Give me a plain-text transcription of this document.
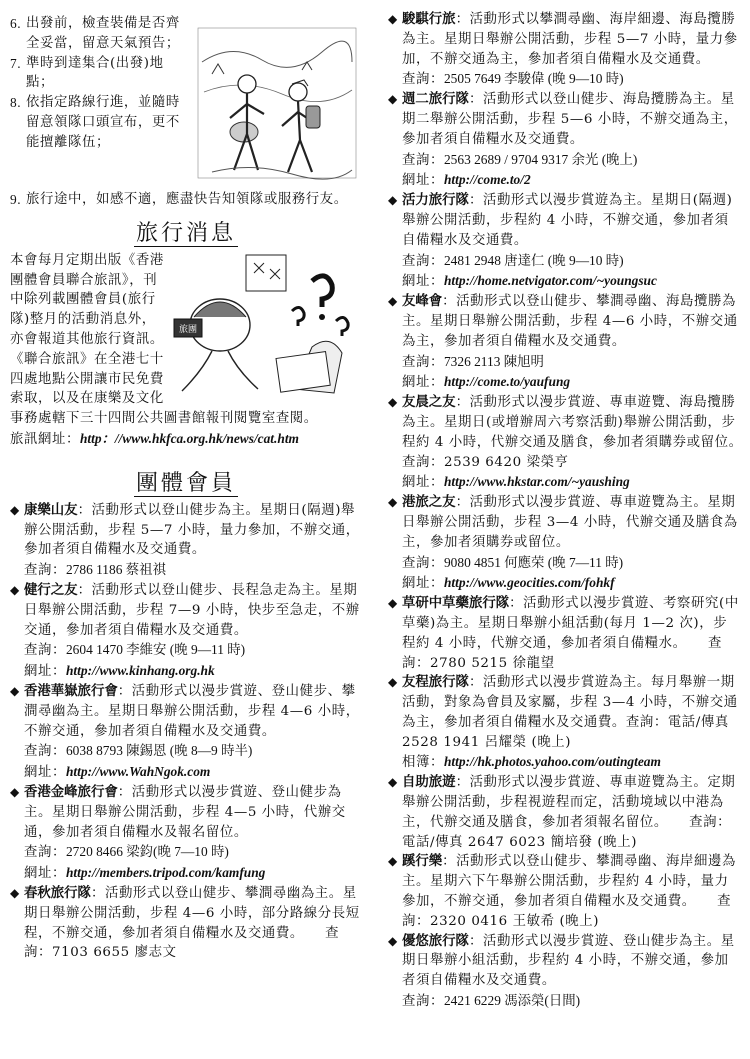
6. 出發前，檢查裝備是否齊全妥當，留意天氣預告；
7. 準時到達集合(出發)地點；
8. 依指定路線行進，並隨時留意領隊口頭宣布，更不能擅離隊伍；
9. 旅行途中，如感不適，應盡快告知領隊或服務行友。
旅行消息
旅團

本會每月定期出版《香港團體會員聯合旅訊》，刊中除列載團體會員(旅行隊)整月的活動消息外，亦會報道其他旅行資訊。《聯合旅訊》在全港七十四處地點公開讓市民免費索取，以及在康樂及文化事務處轄下三十四間公共圖書館報刊閱覽室查閱。

旅訊網址：http：//www.hkfca.org.hk/news/cat.htm

團體會員
◆ 康樂山友：活動形式以登山健步為主。星期日(隔週)舉辦公開活動，步程 5—7 小時，量力參加，不辦交通，參加者須自備糧水及交通費。
查詢：2786 1186 蔡祖祺
◆ 健行之友：活動形式以登山健步、長程急走為主。星期日舉辦公開活動，步程 7—9 小時，快步至急走，不辦交通，參加者須自備糧水及交通費。
查詢：2604 1470 李維安 (晚 9—11 時)
網址：http://www.kinhang.org.hk
◆ 香港華嶽旅行會：活動形式以漫步賞遊、登山健步、攀澗尋幽為主。星期日舉辦公開活動，步程 4—6 小時，不辦交通，參加者須自備糧水及交通費。
查詢：6038 8793 陳錫恩 (晚 8—9 時半)
網址：http://www.WahNgok.com
◆ 香港金峰旅行會：活動形式以漫步賞遊、登山健步為主。星期日舉辦公開活動，步程 4—5 小時，代辦交通，參加者須自備糧水及報名留位。
查詢：2720 8466 梁鈞(晚 7—10 時)
網址：http://members.tripod.com/kamfung
◆ 春秋旅行隊：活動形式以登山健步、攀澗尋幽為主。星期日舉辦公開活動，步程 4—6 小時，部分路線分長短程，不辦交通，參加者須自備糧水及交通費。　　 查詢：7103 6655 廖志文
◆ 駿騏行旅：活動形式以攀澗尋幽、海岸細邊、海島攬勝為主。星期日舉辦公開活動，步程 5—7 小時，量力參加，不辦交通為主，參加者須自備糧水及交通費。
查詢：2505 7649 李駿偉 (晚 9—10 時)
◆ 週二旅行隊：活動形式以登山健步、海島攬勝為主。星期二舉辦公開活動，步程 5—6 小時，不辦交通為主，參加者須自備糧水及交通費。
查詢：2563 2689 / 9704 9317 余光 (晚上)
網址：http://come.to/2
◆ 活力旅行隊：活動形式以漫步賞遊為主。星期日(隔週)舉辦公開活動，步程約 4 小時，不辦交通，參加者須自備糧水及交通費。
查詢：2481 2948 唐達仁 (晚 9—10 時)
網址：http://home.netvigator.com/~youngsuc
◆ 友峰會：活動形式以登山健步、攀澗尋幽、海島攬勝為主。星期日舉辦公開活動，步程 4—6 小時，不辦交通為主，參加者須自備糧水及交通費。
查詢：7326 2113 陳旭明
網址：http://come.to/yaufung
◆ 友晨之友：活動形式以漫步賞遊、專車遊覽、海島攬勝為主。星期日(或增辦周六考察活動)舉辦公開活動，步程約 4 小時，代辦交通及膳食，參加者須購券或留位。　　查詢：2539 6420 梁榮亨
網址：http://www.hkstar.com/~yaushing
◆ 港旅之友：活動形式以漫步賞遊、專車遊覽為主。星期日舉辦公開活動，步程 3—4 小時，代辦交通及膳食為主，參加者須購券或留位。
查詢：9080 4851 何應荣 (晚 7—11 時)
網址：http://www.geocities.com/fohkf
◆ 草研中草藥旅行隊：活動形式以漫步賞遊、考察研究(中草藥)為主。星期日舉辦小組活動(每月 1—2 次)，步程約 4 小時，代辦交通，參加者須自備糧水。　　 查詢：2780 5215 徐龍望
◆ 友程旅行隊：活動形式以漫步賞遊為主。每月舉辦一期活動，對象為會員及家屬，步程 3—4 小時，不辦交通為主，參加者須自備糧水及交通費。查詢：電話/傳真 2528 1941 呂耀榮 (晚上)
相簿：http://hk.photos.yahoo.com/outingteam
◆ 自助旅遊：活動形式以漫步賞遊、專車遊覽為主。定期舉辦公開活動，步程視遊程而定，活動境域以中港為主，代辦交通及膳食，參加者須報名留位。　　 查詢：電話/傳真 2647 6023 簡培發 (晚上)
◆ 蹊行樂：活動形式以登山健步、攀澗尋幽、海岸細邊為主。星期六下午舉辦公開活動，步程約 4 小時，量力參加，不辦交通，參加者須自備糧水及交通費。　　 查詢：2320 0416 王敏希 (晚上)
◆ 優悠旅行隊：活動形式以漫步賞遊、登山健步為主。星期日舉辦小組活動，步程約 4 小時，不辦交通，參加者須自備糧水及交通費。
查詢：2421 6229 馮添榮(日間)
